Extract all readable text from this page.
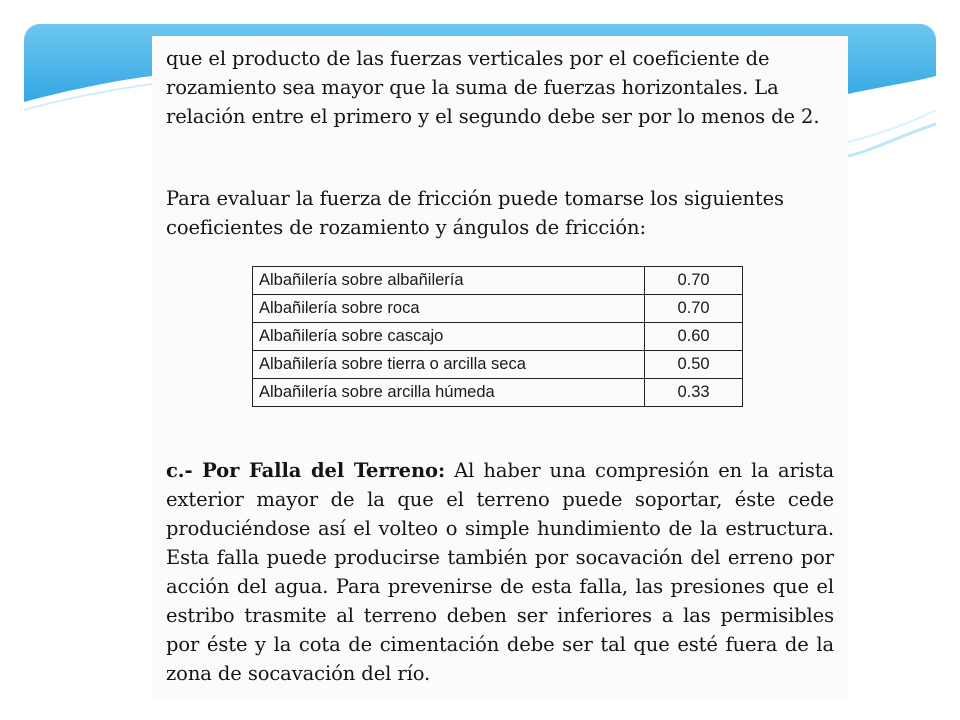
que el producto de las fuerzas verticales por el coeficiente de rozamiento sea mayor que la suma de fuerzas horizontales. La relación entre el primero y el segundo debe ser por lo menos de 2.

Para evaluar la fuerza de fricción puede tomarse los siguientes coeficientes de rozamiento y ángulos de fricción:

Albañilería sobre albañilería	0.70
Albañilería sobre roca	0.70
Albañilería sobre cascajo	0.60
Albañilería sobre tierra o arcilla seca	0.50
Albañilería sobre arcilla húmeda	0.33

c.- Por Falla del Terreno: Al haber una compresión en la arista exterior mayor de la que el terreno puede soportar, éste cede produciéndose así el volteo o simple hundimiento de la estructura. Esta falla puede producirse también por socavación del erreno por acción del agua. Para prevenirse de esta falla, las presiones que el estribo trasmite al terreno deben ser inferiores a las permisibles por éste y la cota de cimentación debe ser tal que esté fuera de la zona de socavación del río.
